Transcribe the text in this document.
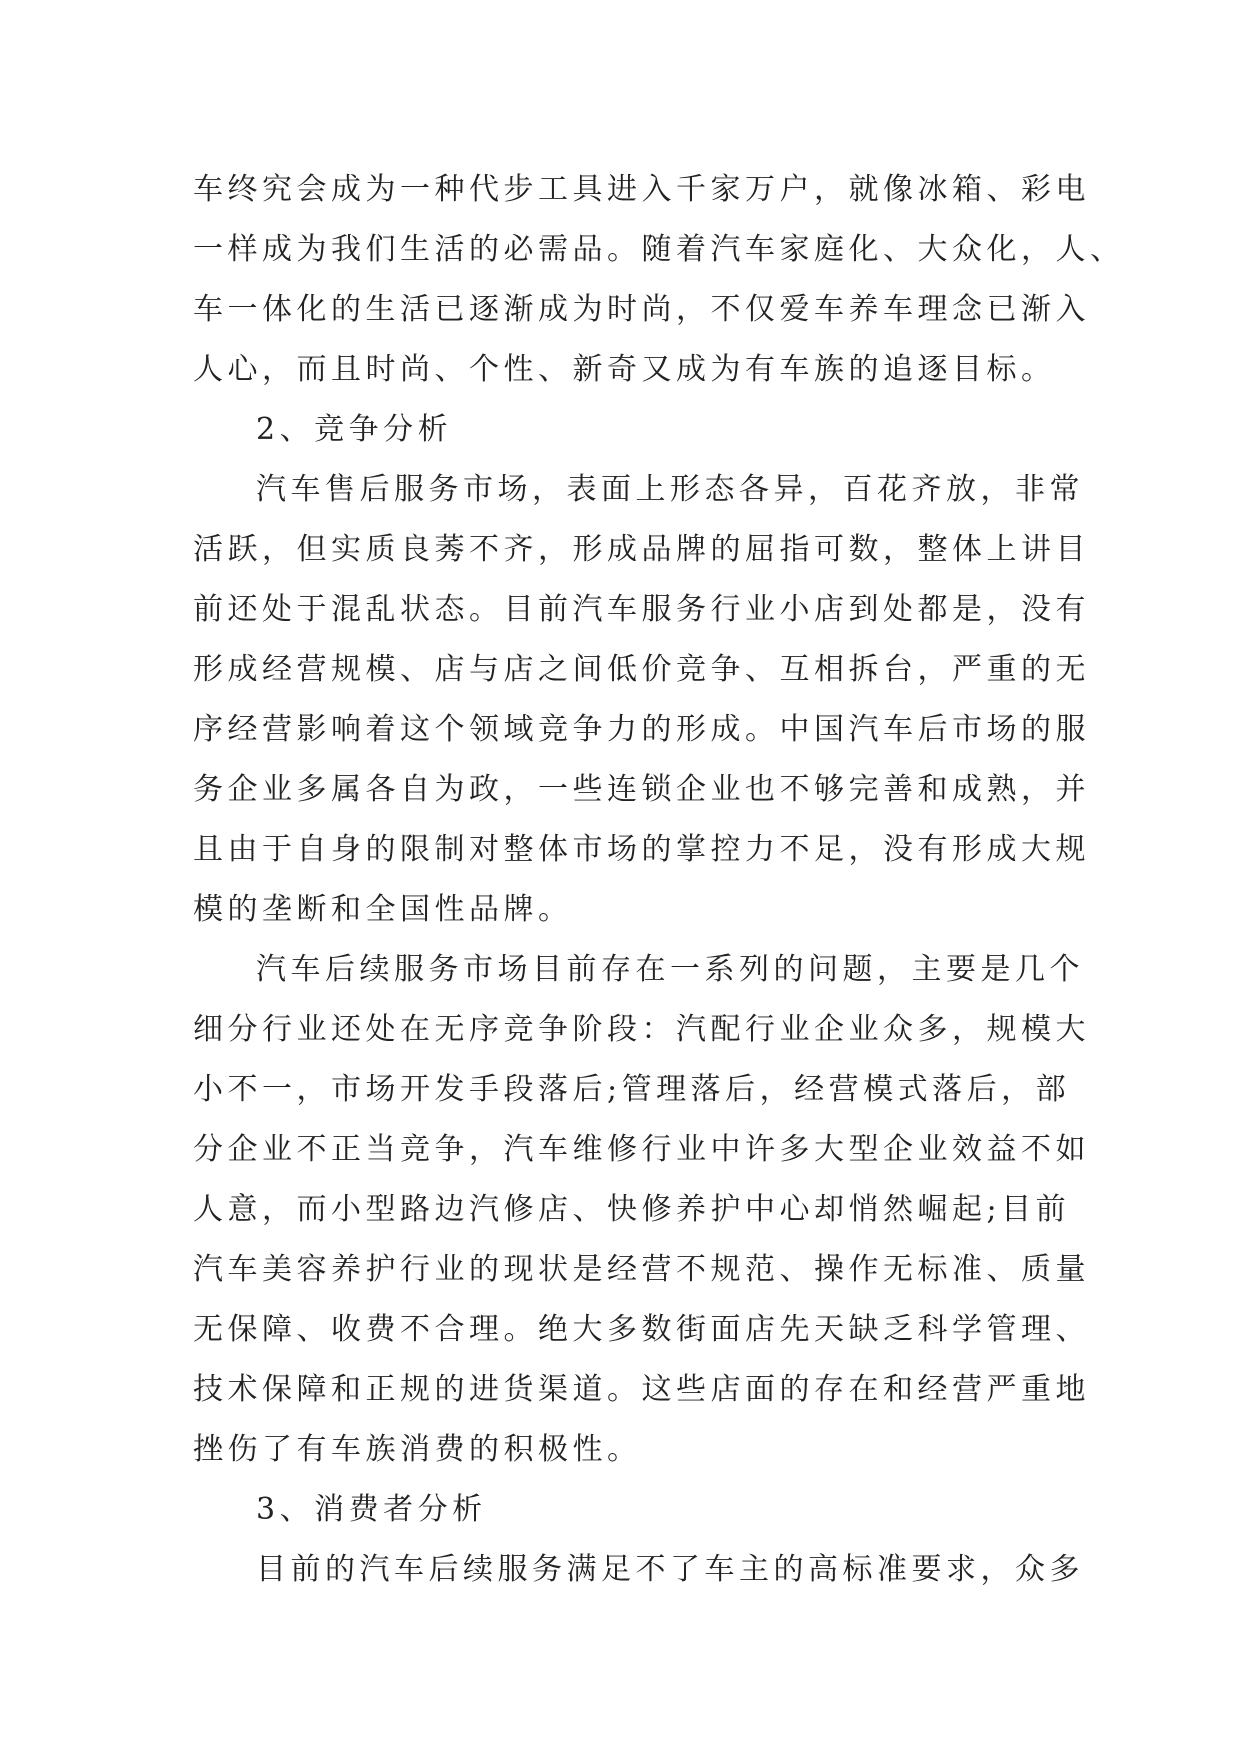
车终究会成为一种代步工具进入千家万户，就像冰箱、彩电
一样成为我们生活的必需品。随着汽车家庭化、大众化，人、
车一体化的生活已逐渐成为时尚，不仅爱车养车理念已渐入
人心，而且时尚、个性、新奇又成为有车族的追逐目标。
2、竞争分析
汽车售后服务市场，表面上形态各异，百花齐放，非常
活跃，但实质良莠不齐，形成品牌的屈指可数，整体上讲目
前还处于混乱状态。目前汽车服务行业小店到处都是，没有
形成经营规模、店与店之间低价竞争、互相拆台，严重的无
序经营影响着这个领域竞争力的形成。中国汽车后市场的服
务企业多属各自为政，一些连锁企业也不够完善和成熟，并
且由于自身的限制对整体市场的掌控力不足，没有形成大规
模的垄断和全国性品牌。
汽车后续服务市场目前存在一系列的问题，主要是几个
细分行业还处在无序竞争阶段：汽配行业企业众多，规模大
小不一，市场开发手段落后;管理落后，经营模式落后，部
分企业不正当竞争，汽车维修行业中许多大型企业效益不如
人意，而小型路边汽修店、快修养护中心却悄然崛起;目前
汽车美容养护行业的现状是经营不规范、操作无标准、质量
无保障、收费不合理。绝大多数街面店先天缺乏科学管理、
技术保障和正规的进货渠道。这些店面的存在和经营严重地
挫伤了有车族消费的积极性。
3、消费者分析
目前的汽车后续服务满足不了车主的高标准要求，众多
